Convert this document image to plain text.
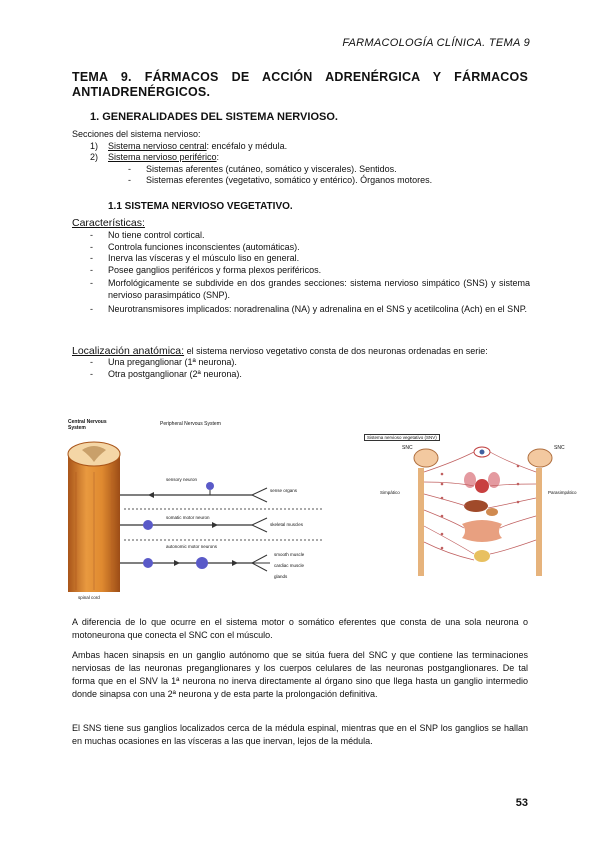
FARMACOLOGÍA CLÍNICA. TEMA 9
TEMA 9. FÁRMACOS DE ACCIÓN ADRENÉRGICA Y FÁRMACOS
ANTIADRENÉRGICOS.
1. GENERALIDADES DEL SISTEMA NERVIOSO.
Secciones del sistema nervioso:
1) Sistema nervioso central: encéfalo y médula.
2) Sistema nervioso periférico:
- Sistemas aferentes (cutáneo, somático y viscerales). Sentidos.
- Sistemas eferentes (vegetativo, somático y entérico). Órganos motores.
1.1 SISTEMA NERVIOSO VEGETATIVO.
Características:
- No tiene control cortical.
- Controla funciones inconscientes (automáticas).
- Inerva las vísceras y el músculo liso en general.
- Posee ganglios periféricos y forma plexos periféricos.
- Morfológicamente se subdivide en dos grandes secciones: sistema nervioso simpático (SNS) y sistema nervioso parasimpático (SNP).
- Neurotransmisores implicados: noradrenalina (NA) y adrenalina en el SNS y acetilcolina (Ach) en el SNP.
Localización anatómica: el sistema nervioso vegetativo consta de dos neuronas ordenadas en serie:
- Una preganglionar (1ª neurona).
- Otra postganglionar (2ª neurona).
Central Nervous System
Peripheral Nervous System
sensory neuron
sense organs
somatic motor neuron
skeletal muscles
autonomic motor neurons
smooth muscle
cardiac muscle
glands
spinal cord
Sistema nervioso vegetativo (SNV)
SNC	SNC
Simpático	Parasimpático
A diferencia de lo que ocurre en el sistema motor o somático eferentes que consta de una sola neurona o motoneurona que conecta el SNC con el músculo.
Ambas hacen sinapsis en un ganglio autónomo que se sitúa fuera del SNC y que contiene las terminaciones nerviosas de las neuronas preganglionares y los cuerpos celulares de las neuronas postganglionares. De tal forma que en el SNV la 1ª neurona no inerva directamente al órgano sino que llega hasta un ganglio intermedio donde sinapsa con una 2ª neurona y de esta parte la prolongación definitiva.
El SNS tiene sus ganglios localizados cerca de la médula espinal, mientras que en el SNP los ganglios se hallan en muchas ocasiones en las vísceras a las que inervan, lejos de la médula.
53
